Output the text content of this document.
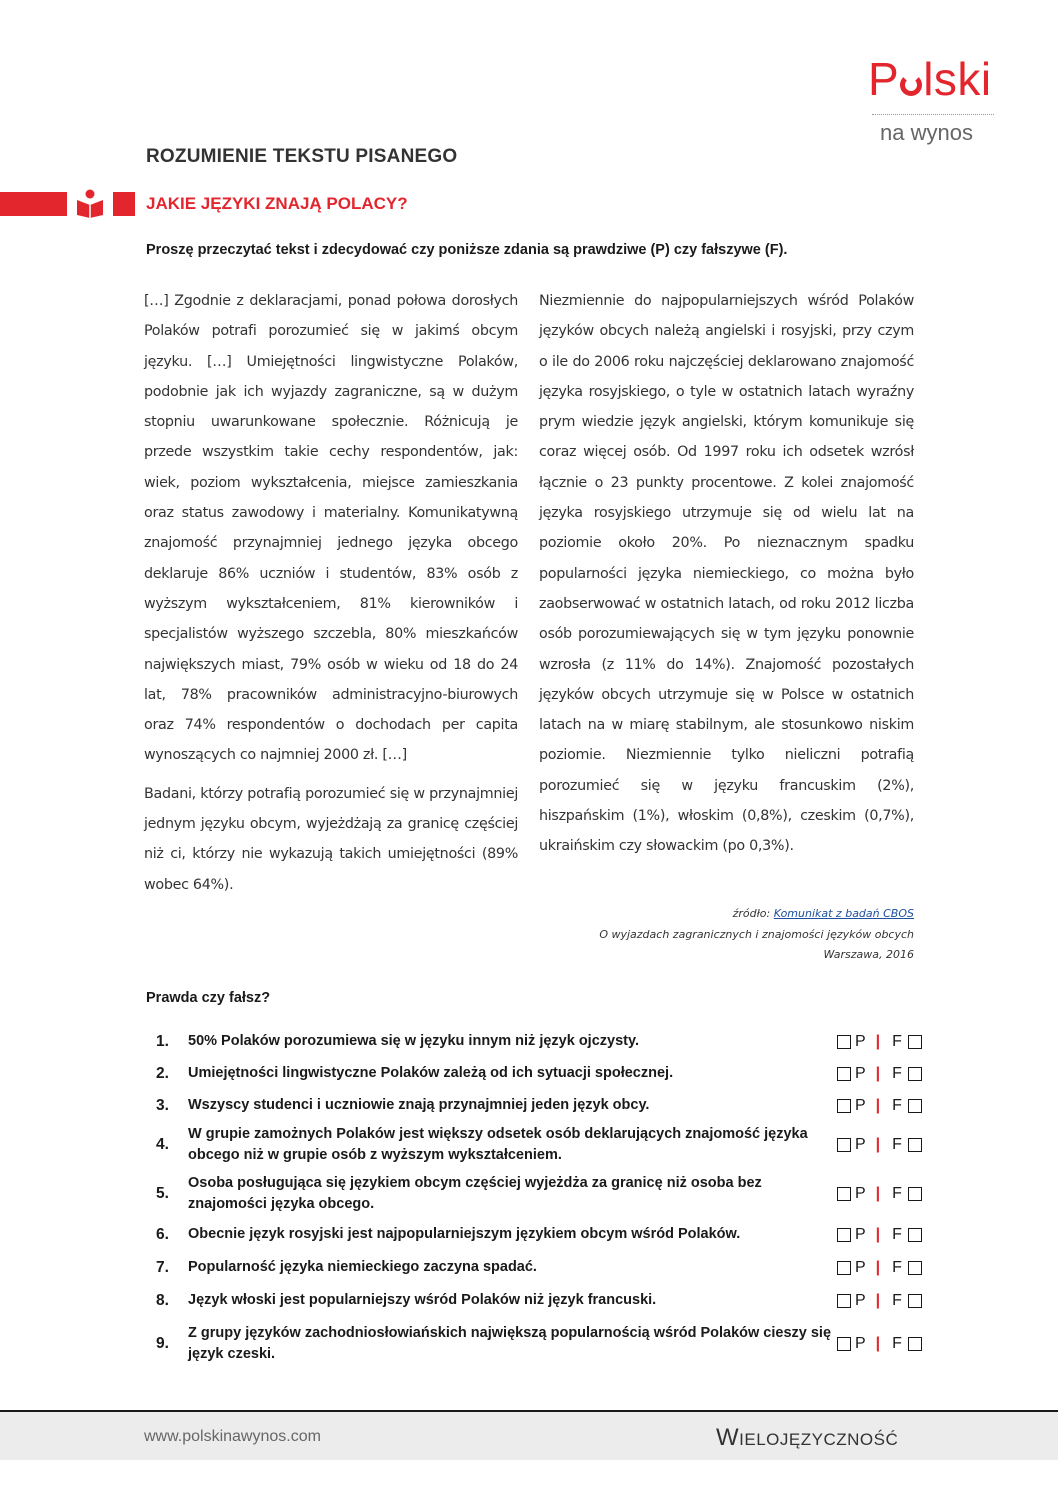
P lski
na wynos
ROZUMIENIE TEKSTU PISANEGO
JAKIE JĘZYKI ZNAJĄ POLACY?
Proszę przeczytać tekst i zdecydować czy poniższe zdania są prawdziwe (P) czy fałszywe (F).

[…] Zgodnie z deklaracjami, ponad połowa dorosłych Polaków potrafi porozumieć się w jakimś obcym języku. […] Umiejętności lingwistyczne Polaków, podobnie jak ich wyjazdy zagraniczne, są w dużym stopniu uwarunkowane społecznie. Różnicują je przede wszystkim takie cechy respondentów, jak: wiek, poziom wykształcenia, miejsce zamieszkania oraz status zawodowy i materialny. Komunikatywną znajomość przynajmniej jednego języka obcego deklaruje 86% uczniów i studentów, 83% osób z wyższym wykształceniem, 81% kierowników i specjalistów wyższego szczebla, 80% mieszkańców największych miast, 79% osób w wieku od 18 do 24 lat, 78% pracowników administracyjno-biurowych oraz 74% respondentów o dochodach per capita wynoszących co najmniej 2000 zł. […]

Badani, którzy potrafią porozumieć się w przynajmniej jednym języku obcym, wyjeżdżają za granicę częściej niż ci, którzy nie wykazują takich umiejętności (89% wobec 64%).

Niezmiennie do najpopularniejszych wśród Polaków języków obcych należą angielski i rosyjski, przy czym o ile do 2006 roku najczęściej deklarowano znajomość języka rosyjskiego, o tyle w ostatnich latach wyraźny prym wiedzie język angielski, którym komunikuje się coraz więcej osób. Od 1997 roku ich odsetek wzrósł łącznie o 23 punkty procentowe. Z kolei znajomość języka rosyjskiego utrzymuje się od wielu lat na poziomie około 20%. Po nieznacznym spadku popularności języka niemieckiego, co można było zaobserwować w ostatnich latach, od roku 2012 liczba osób porozumiewających się w tym języku ponownie wzrosła (z 11% do 14%). Znajomość pozostałych języków obcych utrzymuje się w Polsce w ostatnich latach na w miarę stabilnym, ale stosunkowo niskim poziomie. Niezmiennie tylko nieliczni potrafią porozumieć się w języku francuskim (2%), hiszpańskim (1%), włoskim (0,8%), czeskim (0,7%), ukraińskim czy słowackim (po 0,3%).

źródło: Komunikat z badań CBOS
O wyjazdach zagranicznych i znajomości języków obcych
Warszawa, 2016
Prawda czy fałsz?
1. 50% Polaków porozumiewa się w języku innym niż język ojczysty.	P | F
2. Umiejętności lingwistyczne Polaków zależą od ich sytuacji społecznej.	P | F
3. Wszyscy studenci i uczniowie znają przynajmniej jeden język obcy.	P | F
4.
W grupie zamożnych Polaków jest większy odsetek osób deklarujących znajomość języka obcego niż w grupie osób z wyższym wykształceniem.
P | F
5.
Osoba posługująca się językiem obcym częściej wyjeżdża za granicę niż osoba bez znajomości języka obcego.
P | F
6. Obecnie język rosyjski jest najpopularniejszym językiem obcym wśród Polaków.	P | F
7. Popularność języka niemieckiego zaczyna spadać.	P | F
8. Język włoski jest popularniejszy wśród Polaków niż język francuski.	P | F
9.
Z grupy języków zachodniosłowiańskich największą popularnością wśród Polaków cieszy się język czeski.
P | F
www.polskinawynos.com	Wielojęzyczność
